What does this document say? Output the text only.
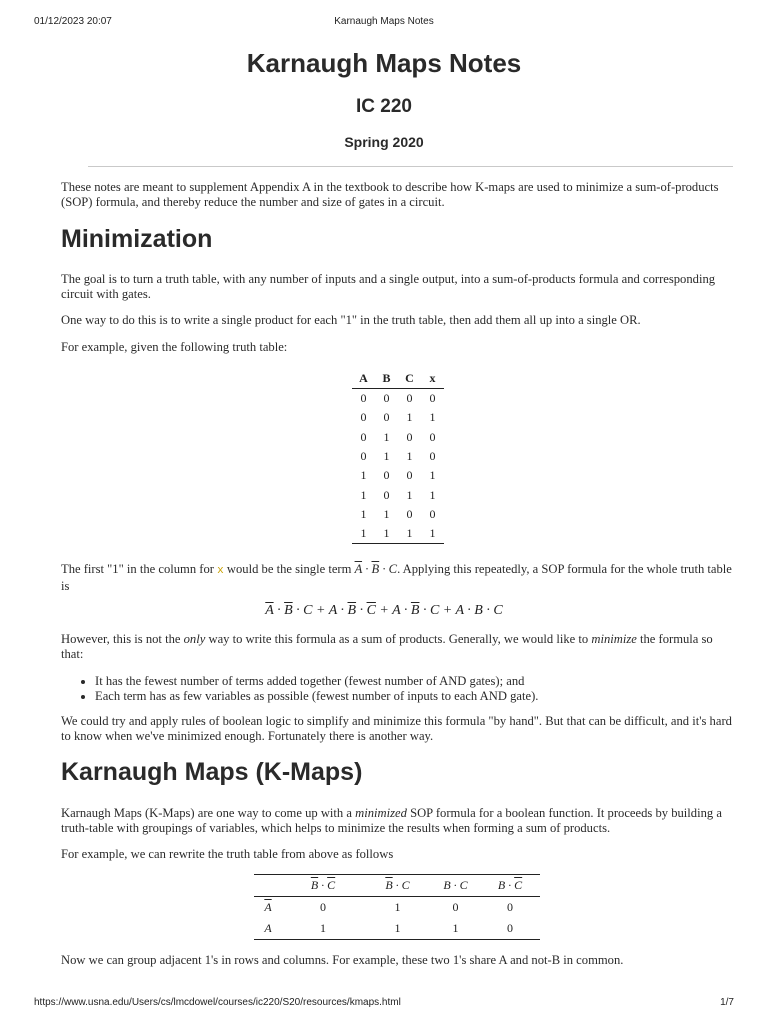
01/12/2023 20:07	Karnaugh Maps Notes
Karnaugh Maps Notes
IC 220
Spring 2020

These notes are meant to supplement Appendix A in the textbook to describe how K-maps are used to minimize a sum-of-products (SOP) formula, and thereby reduce the number and size of gates in a circuit.

Minimization

The goal is to turn a truth table, with any number of inputs and a single output, into a sum-of-products formula and corresponding circuit with gates.

One way to do this is to write a single product for each "1" in the truth table, then add them all up into a single OR.

For example, given the following truth table:

A	B	C	x
0	0	0	0
0	0	1	1
0	1	0	0
0	1	1	0
1	0	0	1
1	0	1	1
1	1	0	0
1	1	1	1

The first "1" in the column for x would be the single term $\overline{A} \cdot \overline{B} \cdot C$. Applying this repeatedly, a SOP formula for the whole truth table is

$\overline{A} \cdot \overline{B} \cdot C + A \cdot \overline{B} \cdot \overline{C} + A \cdot \overline{B} \cdot C + A \cdot B \cdot C$

However, this is not the only way to write this formula as a sum of products. Generally, we would like to minimize the formula so that:

• It has the fewest number of terms added together (fewest number of AND gates); and
• Each term has as few variables as possible (fewest number of inputs to each AND gate).

We could try and apply rules of boolean logic to simplify and minimize this formula "by hand". But that can be difficult, and it's hard to know when we've minimized enough. Fortunately there is another way.

Karnaugh Maps (K-Maps)

Karnaugh Maps (K-Maps) are one way to come up with a minimized SOP formula for a boolean function. It proceeds by building a truth-table with groupings of variables, which helps to minimize the results when forming a sum of products.

For example, we can rewrite the truth table from above as follows

	$\overline{B} \cdot \overline{C}$	$\overline{B} \cdot C$	B · C	$B \cdot \overline{C}$
$\overline{A}$	0	1	0	0
A	1	1	1	0

Now we can group adjacent 1's in rows and columns. For example, these two 1's share A and not-B in common.

https://www.usna.edu/Users/cs/lmcdowel/courses/ic220/S20/resources/kmaps.html	1/7
